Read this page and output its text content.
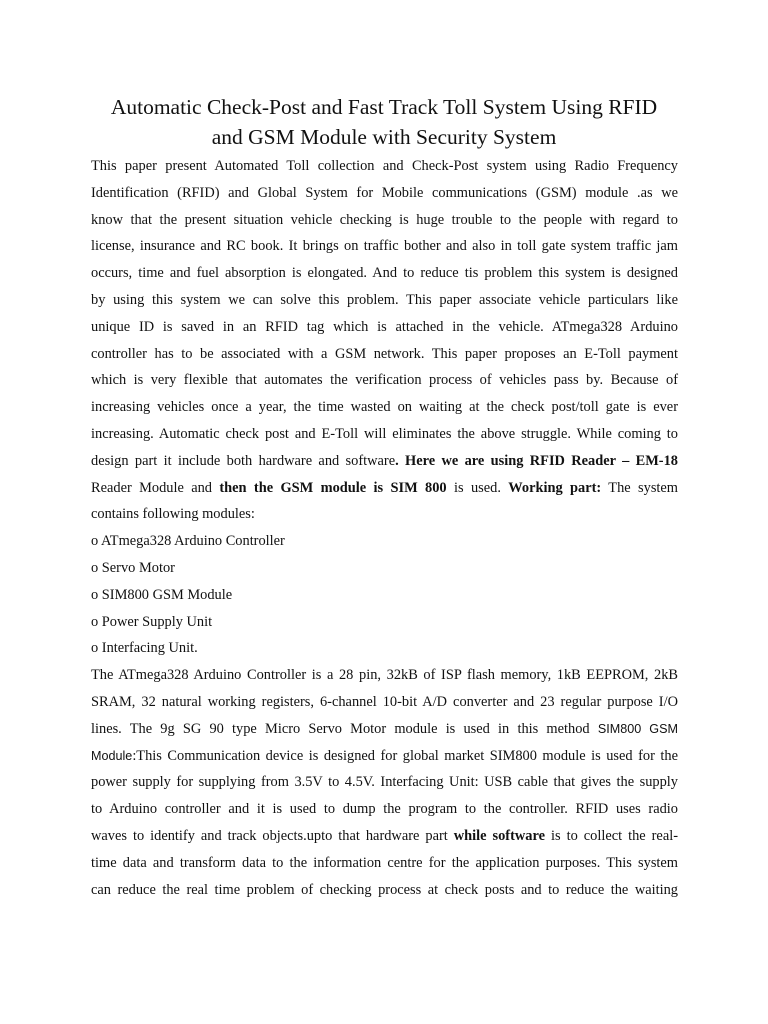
Automatic Check-Post and Fast Track Toll System Using RFID
and GSM Module with Security System
This paper present Automated Toll collection and Check-Post system using Radio Frequency
Identification (RFID) and Global System for Mobile communications (GSM) module .as we
know that the present situation vehicle checking is huge trouble to the people with regard to
license, insurance and RC book. It brings on traffic bother and also in toll gate system traffic jam
occurs, time and fuel absorption is elongated. And to reduce tis problem this system is designed
by using this system we can solve this problem. This paper associate vehicle particulars like
unique ID is saved in an RFID tag which is attached in the vehicle. ATmega328 Arduino
controller has to be associated with a GSM network. This paper proposes an E-Toll payment
which is very flexible that automates the verification process of vehicles pass by. Because of
increasing vehicles once a year, the time wasted on waiting at the check post/toll gate is ever
increasing. Automatic check post and E-Toll will eliminates the above struggle. While coming to
design part it include both hardware and software. Here we are using RFID Reader – EM-18
Reader Module and then the GSM module is SIM 800 is used. Working part: The system
contains following modules:
o ATmega328 Arduino Controller
o Servo Motor
o SIM800 GSM Module
o Power Supply Unit
o Interfacing Unit.
The ATmega328 Arduino Controller is a 28 pin, 32kB of ISP flash memory, 1kB EEPROM, 2kB
SRAM, 32 natural working registers, 6-channel 10-bit A/D converter and 23 regular purpose I/O
lines. The 9g SG 90 type Micro Servo Motor module is used in this method SIM800 GSM
Module:This Communication device is designed for global market SIM800 module is used for the
power supply for supplying from 3.5V to 4.5V. Interfacing Unit: USB cable that gives the supply
to Arduino controller and it is used to dump the program to the controller. RFID uses radio
waves to identify and track objects.upto that hardware part while software is to collect the real-
time data and transform data to the information centre for the application purposes. This system
can reduce the real time problem of checking process at check posts and to reduce the waiting
